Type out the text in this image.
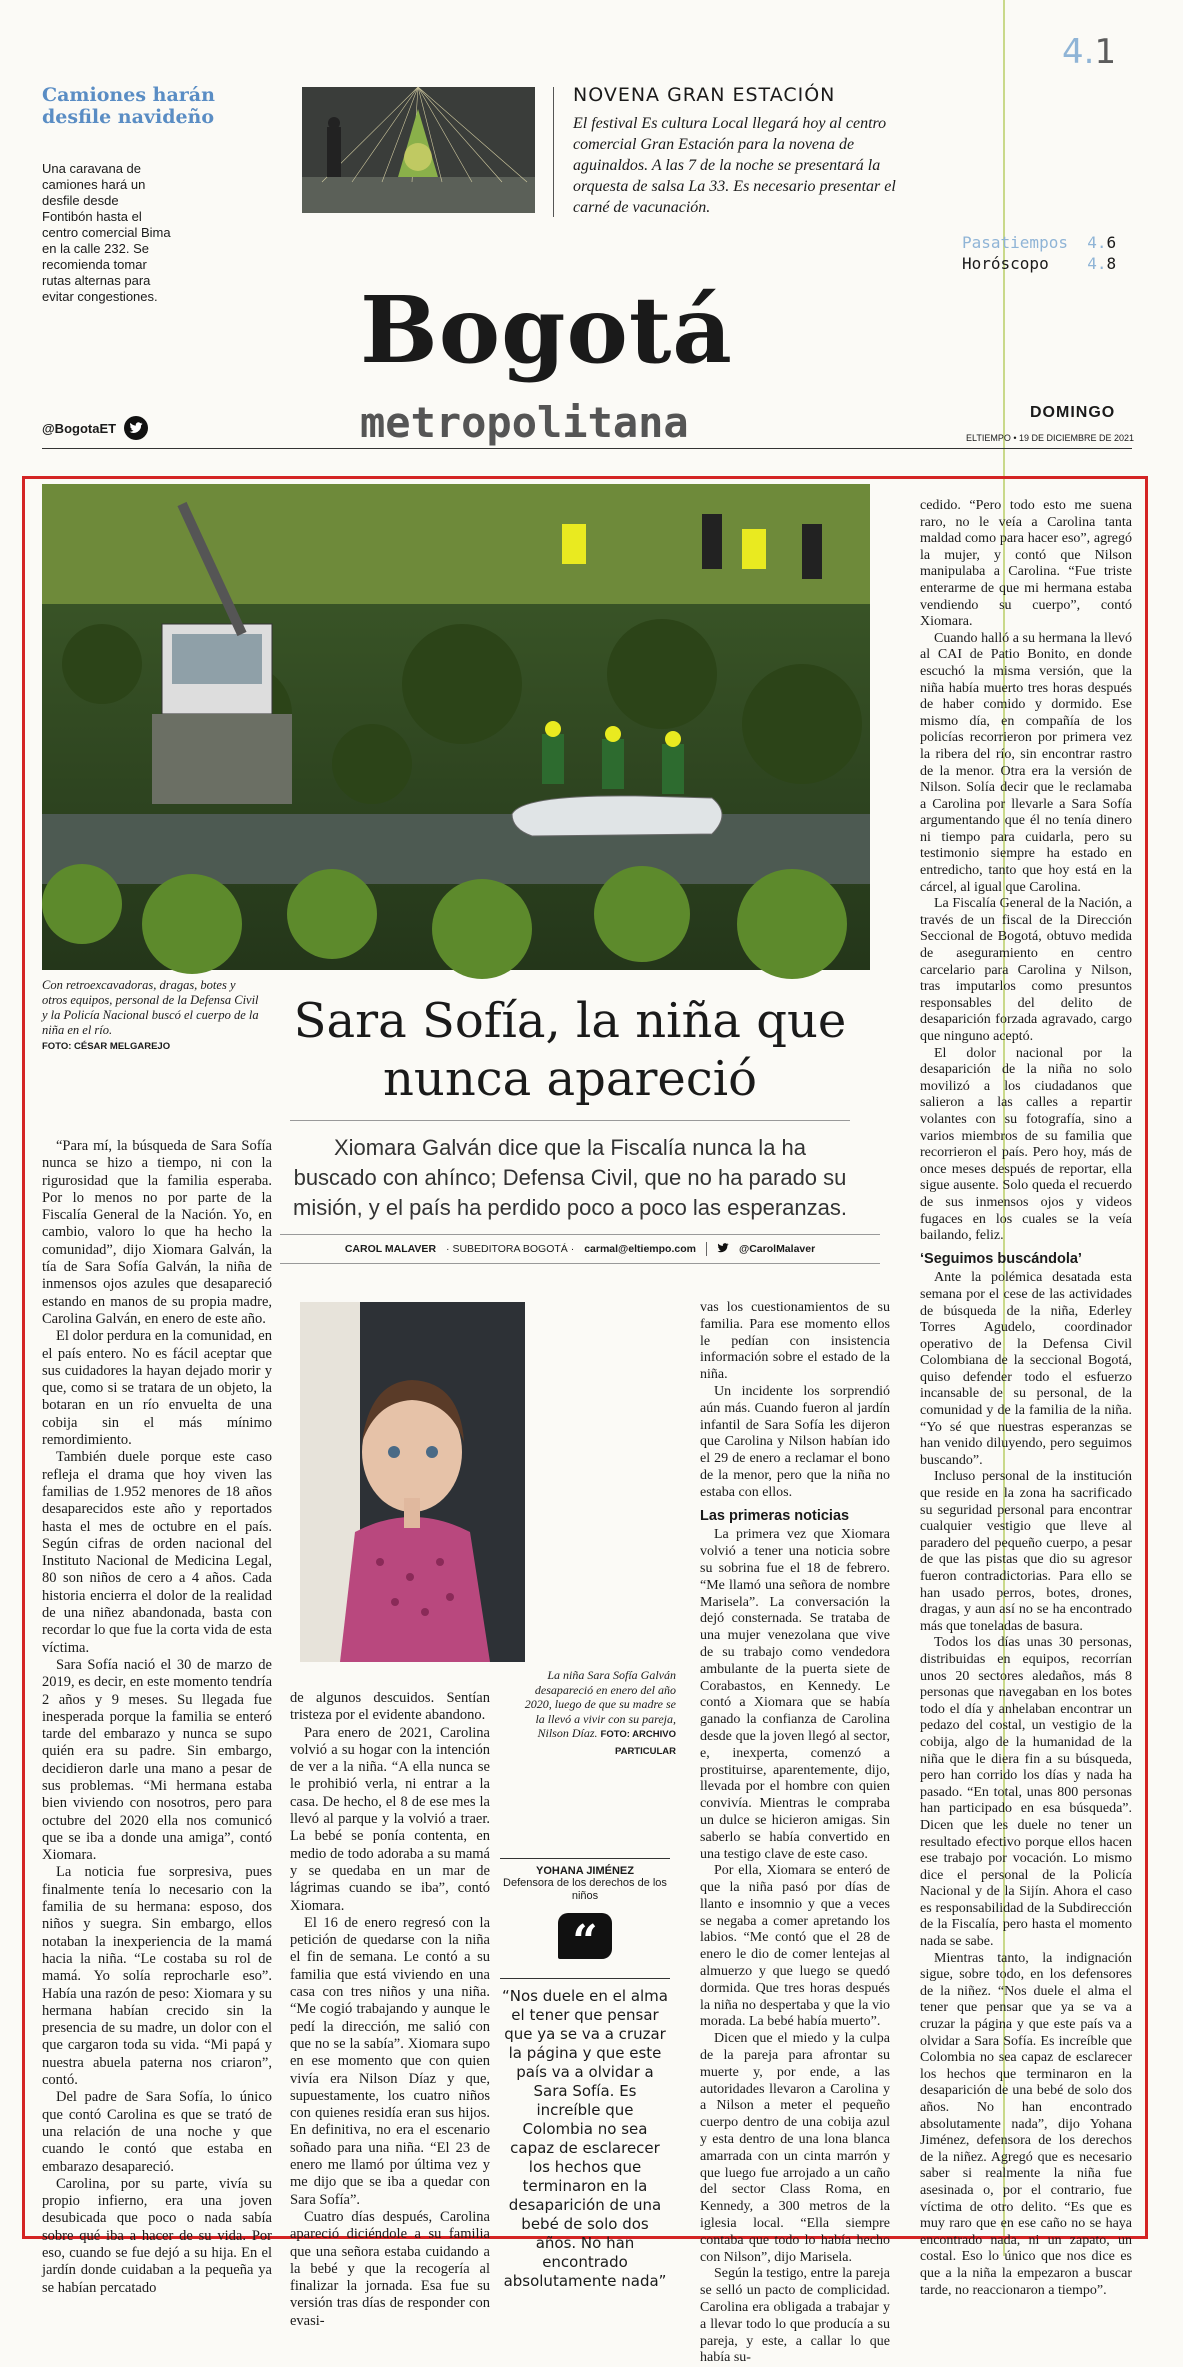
4.1
Camiones harán desfile navideño
Una caravana de camiones hará un desfile desde Fontibón hasta el centro comercial Bima en la calle 232. Se recomienda tomar rutas alternas para evitar congestiones.
NOVENA GRAN ESTACIÓN
El festival Es cultura Local llegará hoy al centro comercial Gran Estación para la novena de aguinaldos. A las 7 de la noche se presentará la orquesta de salsa La 33. Es necesario presentar el carné de vacunación.
Pasatiempos 4.6
Horóscopo 4.8
Bogotá
metropolitana
@BogotaET
DOMINGO
ELTIEMPO • 19 DE DICIEMBRE DE 2021
Con retroexcavadoras, dragas, botes y otros equipos, personal de la Defensa Civil y la Policía Nacional buscó el cuerpo de la niña en el río.
FOTO: CÉSAR MELGAREJO	Sara Sofía, la niña que nunca apareció
Xiomara Galván dice que la Fiscalía nunca la ha buscado con ahínco; Defensa Civil, que no ha parado su misión, y el país ha perdido poco a poco las esperanzas.
CAROL MALAVER · SUBEDITORA BOGOTÁ · carmal@eltiempo.com	@CarolMalaver

“Para mí, la búsqueda de Sara Sofía nunca se hizo a tiempo, ni con la rigurosidad que la familia esperaba. Por lo menos no por parte de la Fiscalía General de la Nación. Yo, en cambio, valoro lo que ha hecho la comunidad”, dijo Xiomara Galván, la tía de Sara Sofía Galván, la niña de inmensos ojos azules que desapareció estando en manos de su propia madre, Carolina Galván, en enero de este año.

El dolor perdura en la comunidad, en el país entero. No es fácil aceptar que sus cuidadores la hayan dejado morir y que, como si se tratara de un objeto, la botaran en un río envuelta de una cobija sin el más mínimo remordimiento.

También duele porque este caso refleja el drama que hoy viven las familias de 1.952 menores de 18 años desaparecidos este año y reportados hasta el mes de octubre en el país. Según cifras de orden nacional del Instituto Nacional de Medicina Legal, 80 son niños de cero a 4 años. Cada historia encierra el dolor de la realidad de una niñez abandonada, basta con recordar lo que fue la corta vida de esta víctima.

Sara Sofía nació el 30 de marzo de 2019, es decir, en este momento tendría 2 años y 9 meses. Su llegada fue inesperada porque la familia se enteró tarde del embarazo y nunca se supo quién era su padre. Sin embargo, decidieron darle una mano a pesar de sus problemas. “Mi hermana estaba bien viviendo con nosotros, pero para octubre del 2020 ella nos comunicó que se iba a donde una amiga”, contó Xiomara.

La noticia fue sorpresiva, pues finalmente tenía lo necesario con la familia de su hermana: esposo, dos niños y suegra. Sin embargo, ellos notaban la inexperiencia de la mamá hacia la niña. “Le costaba su rol de mamá. Yo solía reprocharle eso”. Había una razón de peso: Xiomara y su hermana habían crecido sin la presencia de su madre, un dolor con el que cargaron toda su vida. “Mi papá y nuestra abuela paterna nos criaron”, contó.

Del padre de Sara Sofía, lo único que contó Carolina es que se trató de una relación de una noche y que cuando le contó que estaba en embarazo desapareció.

Carolina, por su parte, vivía su propio infierno, era una joven desubicada que poco o nada sabía sobre qué iba a hacer de su vida. Por eso, cuando se fue dejó a su hija. En el jardín donde cuidaban a la pequeña ya se habían percatado

La niña Sara Sofía Galván desapareció en enero del año 2020, luego de que su madre se la llevó a vivir con su pareja, Nilson Díaz. FOTO: ARCHIVO PARTICULAR

de algunos descuidos. Sentían tristeza por el evidente abandono.

Para enero de 2021, Carolina volvió a su hogar con la intención de ver a la niña. “A ella nunca se le prohibió verla, ni entrar a la casa. De hecho, el 8 de ese mes la llevó al parque y la volvió a traer. La bebé se ponía contenta, en medio de todo adoraba a su mamá y se quedaba en un mar de lágrimas cuando se iba”, contó Xiomara.

El 16 de enero regresó con la petición de quedarse con la niña el fin de semana. Le contó a su familia que está viviendo en una casa con tres niños y una niña. “Me cogió trabajando y aunque le pedí la dirección, me salió con que no se la sabía”. Xiomara supo en ese momento que con quien vivía era Nilson Díaz y que, supuestamente, los cuatro niños con quienes residía eran sus hijos. En definitiva, no era el escenario soñado para una niña. “El 23 de enero me llamó por última vez y me dijo que se iba a quedar con Sara Sofía”.

Cuatro días después, Carolina apareció diciéndole a su familia que una señora estaba cuidando a la bebé y que la recogería al finalizar la jornada. Esa fue su versión tras días de responder con evasi-

YOHANA JIMÉNEZ
Defensora de los derechos de los niños
“
“Nos duele en el alma el tener que pensar que ya se va a cruzar la página y que este país va a olvidar a Sara Sofía. Es increíble que Colombia no sea capaz de esclarecer los hechos que terminaron en la desaparición de una bebé de solo dos años. No han encontrado absolutamente nada”

vas los cuestionamientos de su familia. Para ese momento ellos le pedían con insistencia información sobre el estado de la niña.

Un incidente los sorprendió aún más. Cuando fueron al jardín infantil de Sara Sofía les dijeron que Carolina y Nilson habían ido el 29 de enero a reclamar el bono de la menor, pero que la niña no estaba con ellos.

Las primeras noticias

La primera vez que Xiomara volvió a tener una noticia sobre su sobrina fue el 18 de febrero. “Me llamó una señora de nombre Marisela”. La conversación la dejó consternada. Se trataba de una mujer venezolana que vive de su trabajo como vendedora ambulante de la puerta siete de Corabastos, en Kennedy. Le contó a Xiomara que se había ganado la confianza de Carolina desde que la joven llegó al sector, e, inexperta, comenzó a prostituirse, aparentemente, dijo, llevada por el hombre con quien convivía. Mientras le compraba un dulce se hicieron amigas. Sin saberlo se había convertido en una testigo clave de este caso.

Por ella, Xiomara se enteró de que la niña pasó por días de llanto e insomnio y que a veces se negaba a comer apretando los labios. “Me contó que el 28 de enero le dio de comer lentejas al almuerzo y que luego se quedó dormida. Que tres horas después la niña no despertaba y que la vio morada. La bebé había muerto”.

Dicen que el miedo y la culpa de la pareja para afrontar su muerte y, por ende, a las autoridades llevaron a Carolina y a Nilson a meter el pequeño cuerpo dentro de una cobija azul y esta dentro de una lona blanca amarrada con un cinta marrón y que luego fue arrojado a un caño del sector Class Roma, en Kennedy, a 300 metros de la iglesia local. “Ella siempre contaba que todo lo había hecho con Nilson”, dijo Marisela.

Según la testigo, entre la pareja se selló un pacto de complicidad. Carolina era obligada a trabajar y a llevar todo lo que producía a su pareja, y este, a callar lo que había su-

cedido. “Pero todo esto me suena raro, no le veía a Carolina tanta maldad como para hacer eso”, agregó la mujer, y contó que Nilson manipulaba a Carolina. “Fue triste enterarme de que mi hermana estaba vendiendo su cuerpo”, contó Xiomara.

Cuando halló a su hermana la llevó al CAI de Patio Bonito, en donde escuchó la misma versión, que la niña había muerto tres horas después de haber comido y dormido. Ese mismo día, en compañía de los policías recorrieron por primera vez la ribera del río, sin encontrar rastro de la menor. Otra era la versión de Nilson. Solía decir que le reclamaba a Carolina por llevarle a Sara Sofía argumentando que él no tenía dinero ni tiempo para cuidarla, pero su testimonio siempre ha estado en entredicho, tanto que hoy está en la cárcel, al igual que Carolina.

La Fiscalía General de la Nación, a través de un fiscal de la Dirección Seccional de Bogotá, obtuvo medida de aseguramiento en centro carcelario para Carolina y Nilson, tras imputarlos como presuntos responsables del delito de desaparición forzada agravado, cargo que ninguno aceptó.

El dolor nacional por la desaparición de la niña no solo movilizó a los ciudadanos que salieron a las calles a repartir volantes con su fotografía, sino a varios miembros de su familia que recorrieron el país. Pero hoy, más de once meses después de reportar, ella sigue ausente. Solo queda el recuerdo de sus inmensos ojos y videos fugaces en los cuales se la veía bailando, feliz.

‘Seguimos buscándola’

Ante la polémica desatada esta semana por el cese de las actividades de búsqueda de la niña, Ederley Torres Agudelo, coordinador operativo de la Defensa Civil Colombiana de la seccional Bogotá, quiso defender todo el esfuerzo incansable de su personal, de la comunidad y de la familia de la niña. “Yo sé que nuestras esperanzas se han venido diluyendo, pero seguimos buscando”.

Incluso personal de la institución que reside en la zona ha sacrificado su seguridad personal para encontrar cualquier vestigio que lleve al paradero del pequeño cuerpo, a pesar de que las pistas que dio su agresor fueron contradictorias. Para ello se han usado perros, botes, drones, dragas, y aun así no se ha encontrado más que toneladas de basura.

Todos los días unas 30 personas, distribuidas en equipos, recorrían unos 20 sectores aledaños, más 8 personas que navegaban en los botes todo el día y anhelaban encontrar un pedazo del costal, un vestigio de la cobija, algo de la humanidad de la niña que le diera fin a su búsqueda, pero han corrido los días y nada ha pasado. “En total, unas 800 personas han participado en esa búsqueda”. Dicen que les duele no tener un resultado efectivo porque ellos hacen ese trabajo por vocación. Lo mismo dice el personal de la Policía Nacional y de la Sijín. Ahora el caso es responsabilidad de la Subdirección de la Fiscalía, pero hasta el momento nada se sabe.

Mientras tanto, la indignación sigue, sobre todo, en los defensores de la niñez. “Nos duele el alma el tener que pensar que ya se va a cruzar la página y que este país va a olvidar a Sara Sofía. Es increíble que Colombia no sea capaz de esclarecer los hechos que terminaron en la desaparición de una bebé de solo dos años. No han encontrado absolutamente nada”, dijo Yohana Jiménez, defensora de los derechos de la niñez. Agregó que es necesario saber si realmente la niña fue asesinada o, por el contrario, fue víctima de otro delito. “Es que es muy raro que en ese caño no se haya encontrado nada, ni un zapato, un costal. Eso lo único que nos dice es que a la niña la empezaron a buscar tarde, no reaccionaron a tiempo”.
